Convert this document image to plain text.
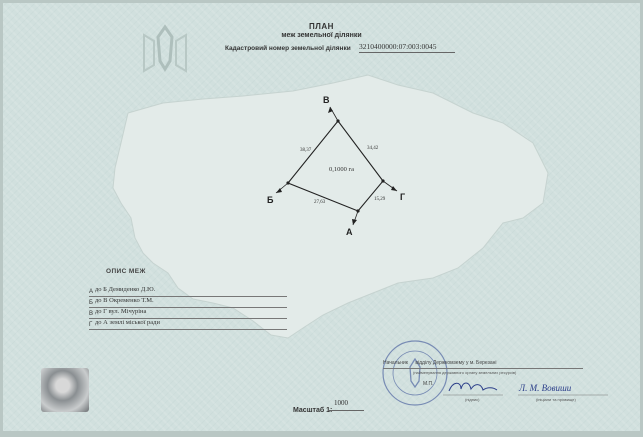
В
Б	Г
А
38,37	34,42
27,63
15,29
0,1000 га
ПЛАН
меж земельної ділянки
Кадастровий номер земельної ділянки 3210400000:07:003:0045
ОПИС МЕЖ
А до Б Демиденко Д.Ю.
Б до В Окременко Т.М.
В до Г вул. Мічуріна
Г до А землі міської ради
Начальник відділу Держкомзему у м. Березані
(найменування державного органу земельних ресурсів)
М.П.	Л. М. Вовиши
(підпис)	(ініціали та прізвище)
Масштаб 1:
1000
